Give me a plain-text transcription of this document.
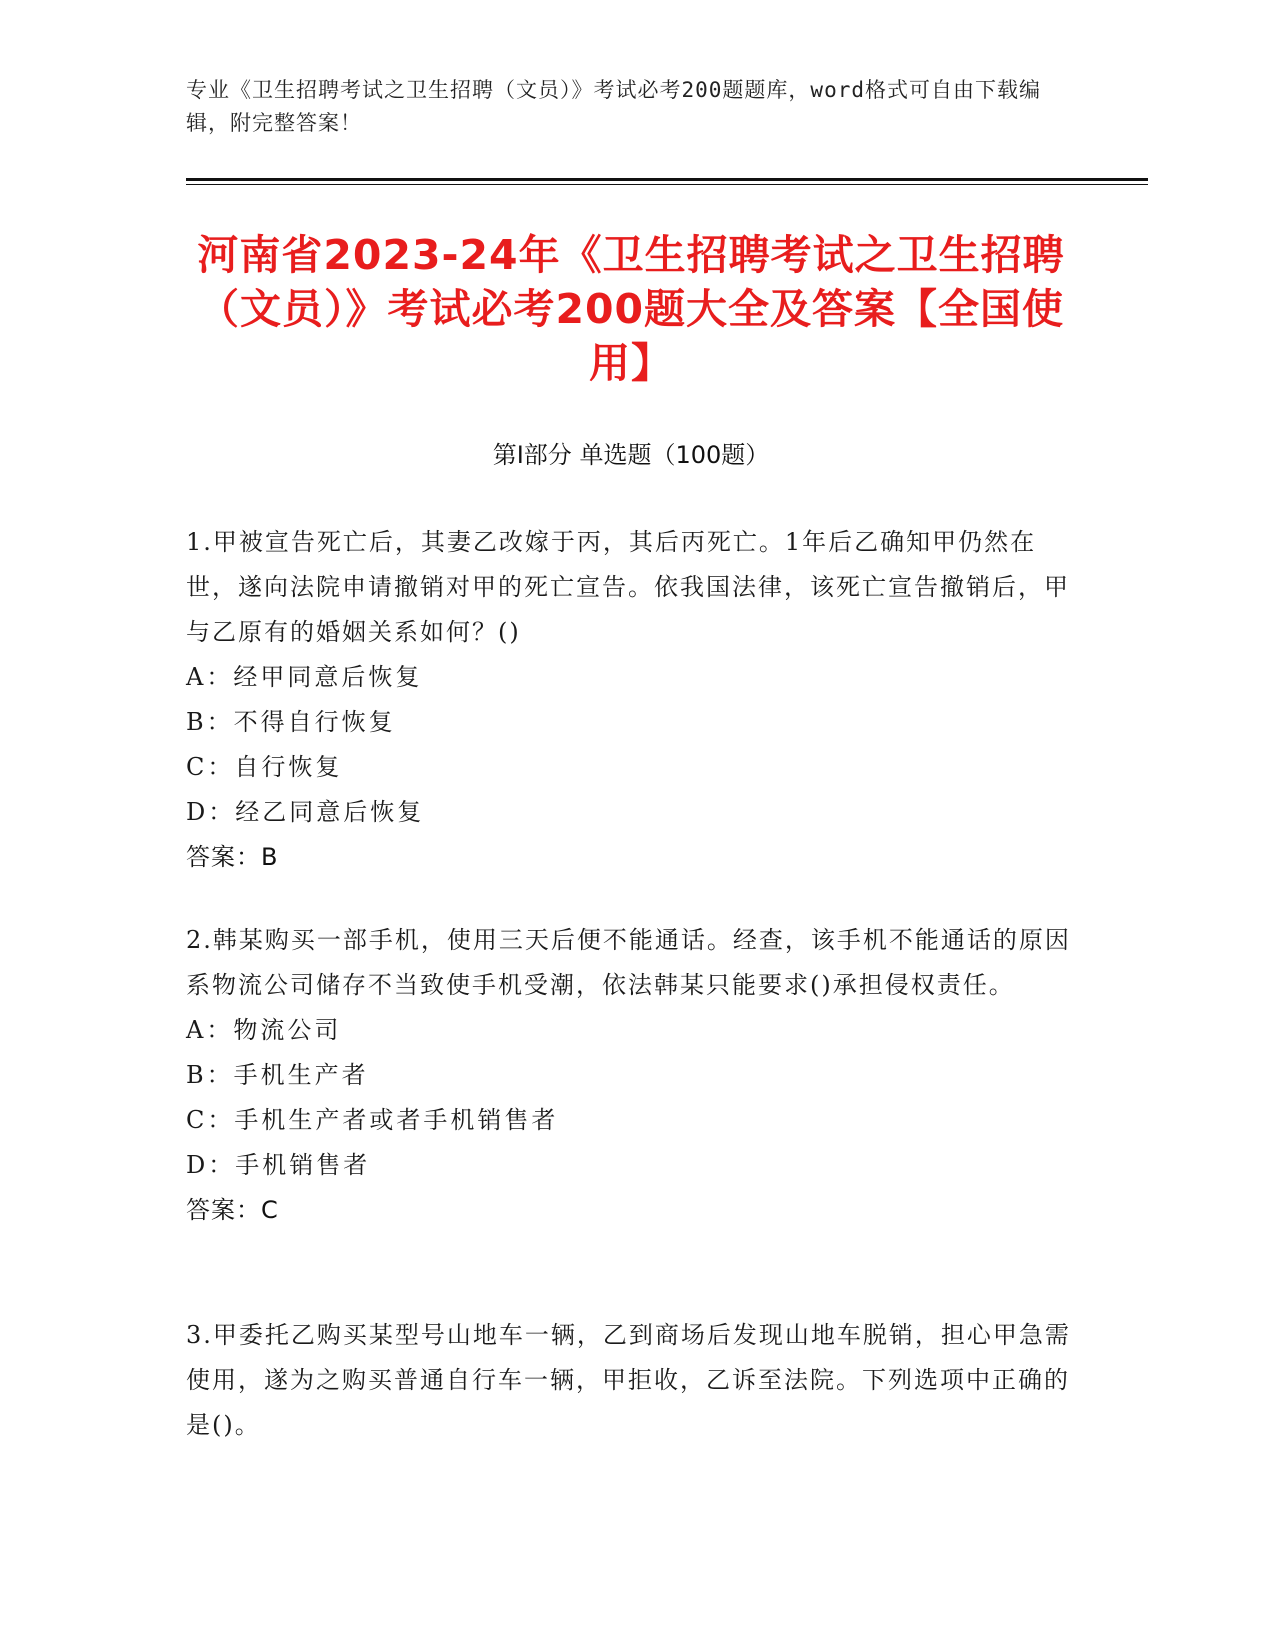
专业《卫生招聘考试之卫生招聘（文员）》考试必考200题题库，word格式可自由下载编辑，附完整答案！
河南省2023-24年《卫生招聘考试之卫生招聘（文员）》考试必考200题大全及答案【全国使用】
第Ⅰ部分 单选题（100题）
1.甲被宣告死亡后，其妻乙改嫁于丙，其后丙死亡。1年后乙确知甲仍然在世，遂向法院申请撤销对甲的死亡宣告。依我国法律，该死亡宣告撤销后，甲与乙原有的婚姻关系如何？()
A：经甲同意后恢复
B：不得自行恢复
C：自行恢复
D：经乙同意后恢复
答案：B
2.韩某购买一部手机，使用三天后便不能通话。经查，该手机不能通话的原因系物流公司储存不当致使手机受潮，依法韩某只能要求()承担侵权责任。
A：物流公司
B：手机生产者
C：手机生产者或者手机销售者
D：手机销售者
答案：C
3.甲委托乙购买某型号山地车一辆，乙到商场后发现山地车脱销，担心甲急需使用，遂为之购买普通自行车一辆，甲拒收，乙诉至法院。下列选项中正确的是()。
